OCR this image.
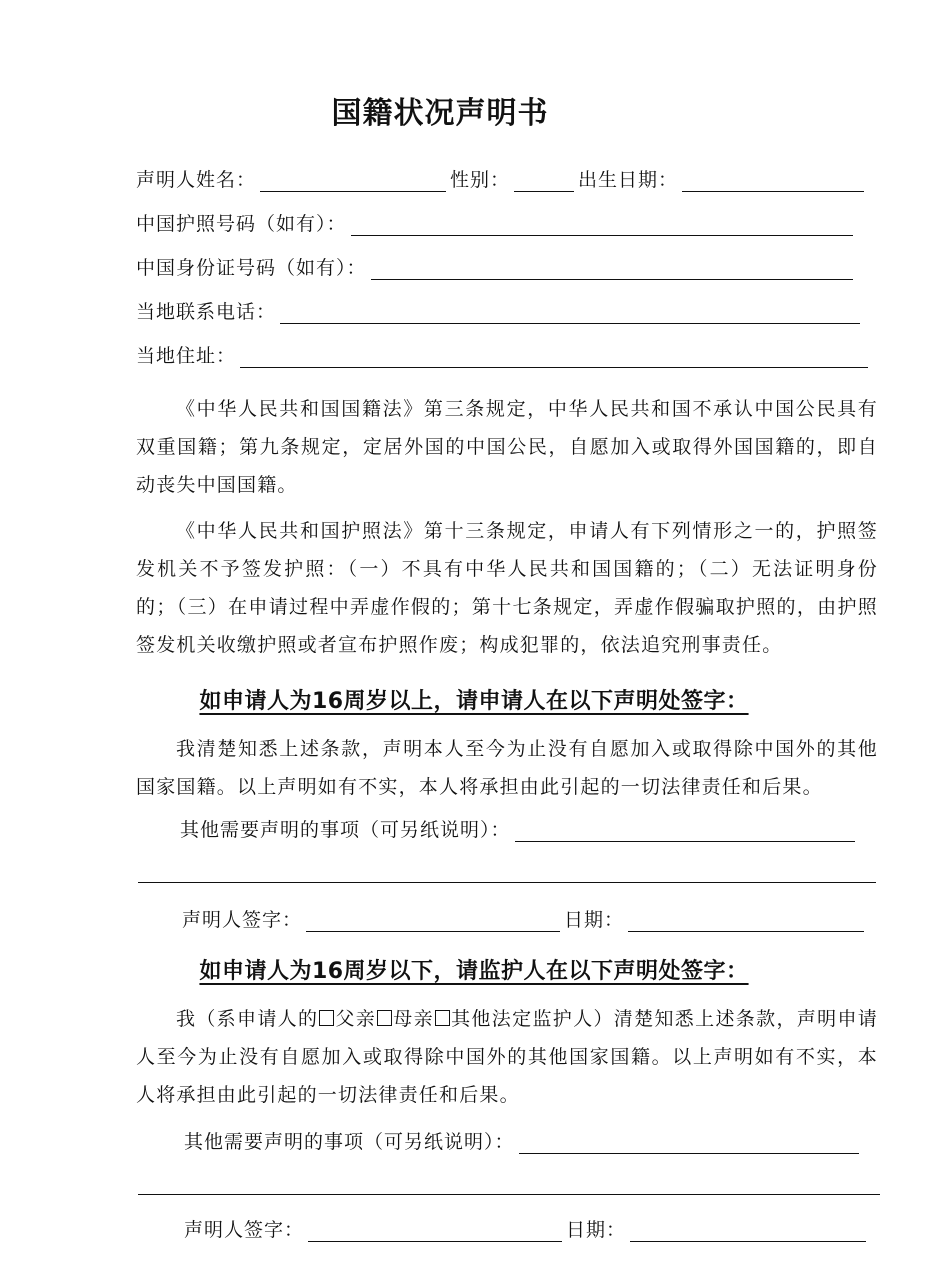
国籍状况声明书
声明人姓名：	性别：	出生日期：
中国护照号码（如有）：
中国身份证号码（如有）：
当地联系电话：
当地住址：
《中华人民共和国国籍法》第三条规定，中华人民共和国不承认中国公民具有双重国籍；第九条规定，定居外国的中国公民，自愿加入或取得外国国籍的，即自动丧失中国国籍。
《中华人民共和国护照法》第十三条规定，申请人有下列情形之一的，护照签发机关不予签发护照：（一）不具有中华人民共和国国籍的；（二）无法证明身份的；（三）在申请过程中弄虚作假的；第十七条规定，弄虚作假骗取护照的，由护照签发机关收缴护照或者宣布护照作废；构成犯罪的，依法追究刑事责任。
如申请人为16周岁以上，请申请人在以下声明处签字：
我清楚知悉上述条款，声明本人至今为止没有自愿加入或取得除中国外的其他国家国籍。以上声明如有不实，本人将承担由此引起的一切法律责任和后果。
其他需要声明的事项（可另纸说明）：
声明人签字：	日期：
如申请人为16周岁以下，请监护人在以下声明处签字：
我（系申请人的 父亲 母亲 其他法定监护人）清楚知悉上述条款，声明申请人至今为止没有自愿加入或取得除中国外的其他国家国籍。以上声明如有不实，本人将承担由此引起的一切法律责任和后果。
其他需要声明的事项（可另纸说明）：
声明人签字：	日期：
